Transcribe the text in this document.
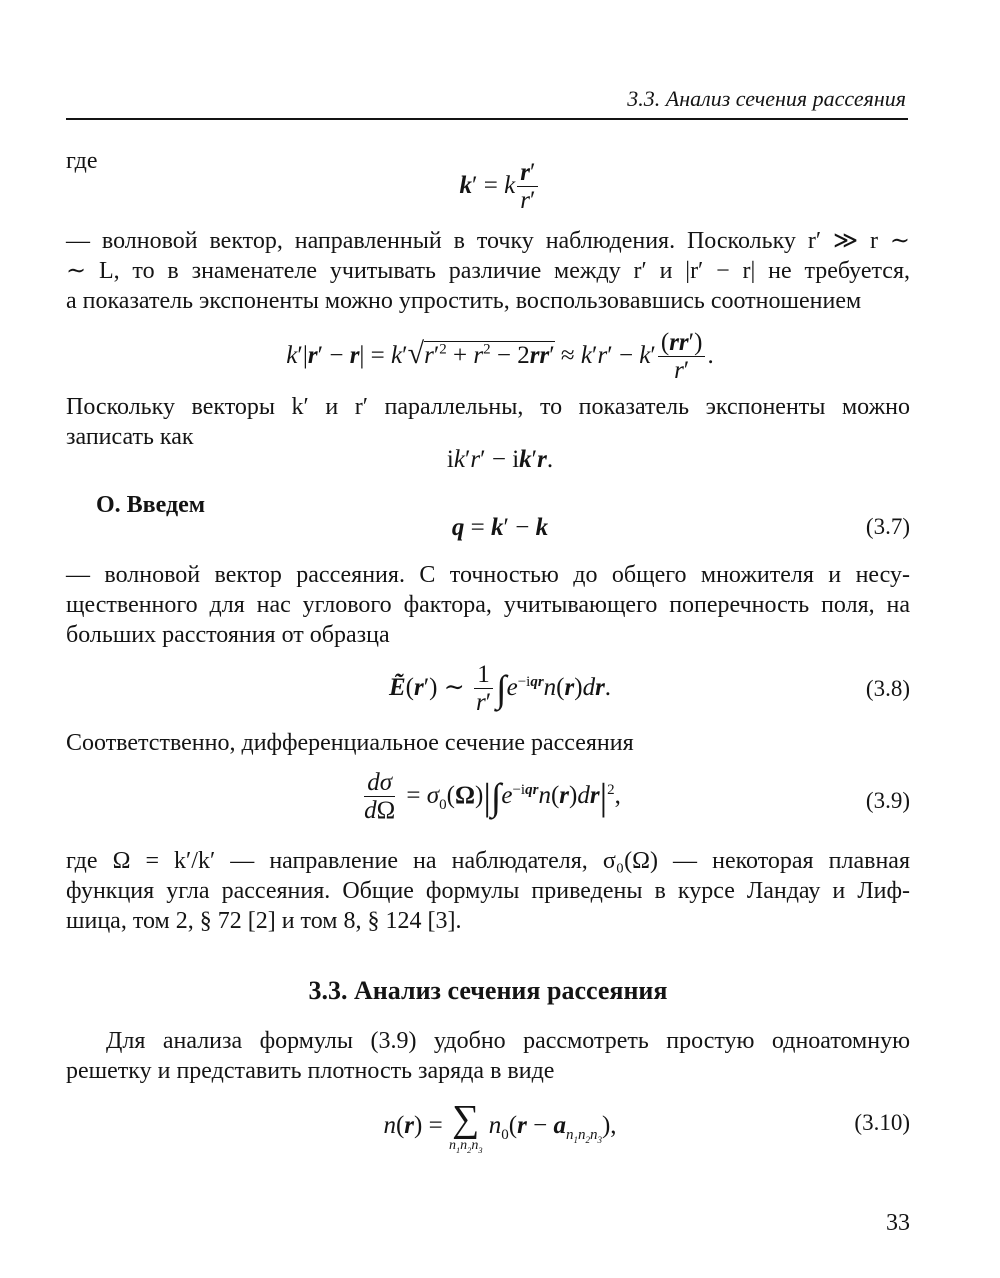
3.3. Анализ сечения рассеяния
где
k′ = k $\frac{r'}{r'}$
— волновой вектор, направленный в точку наблюдения. Поскольку r′ ≫ r ∼
∼ L, то в знаменателе учитывать различие между r′ и |r′ − r| не требуется,
а показатель экспоненты можно упростить, воспользовавшись соотношением
$k'|r' - r| = k'√r'^2 + r^2 - 2rr' \approx k'r' - k' \frac{(rr')}{r'}$ .
Поскольку векторы k′ и r′ параллельны, то показатель экспоненты можно
записать как
ik′r′ − ik′r.
O. Введем
q = k′ − k	(3.7)
— волновой вектор рассеяния. С точностью до общего множителя и несу-
щественного для нас углового фактора, учитывающего поперечность поля, на
больших расстояния от образца
Ẽ(r′) ∼ $\frac{1}{r'} \int e^{-iqr}n(r)dr$.	(3.8)
Соответственно, дифференциальное сечение рассеяния
$\frac{d\sigma}{d\Omega} = \sigma_0(\Omega)|\int e^{-iqr}n(r)dr|^2$,	(3.9)
где Ω = k′/k′ — направление на наблюдателя, σ₀(Ω) — некоторая плавная
функция угла рассеяния. Общие формулы приведены в курсе Ландау и Лиф-
шица, том 2, § 72 [2] и том 8, § 124 [3].
3.3. Анализ сечения рассеяния
Для анализа формулы (3.9) удобно рассмотреть простую одноатомную
решетку и представить плотность заряда в виде
n(r) = ∑
$n_1n_2n_3$
$n_0(r - a_{n_1n_2n_3})$,	(3.10)
33
